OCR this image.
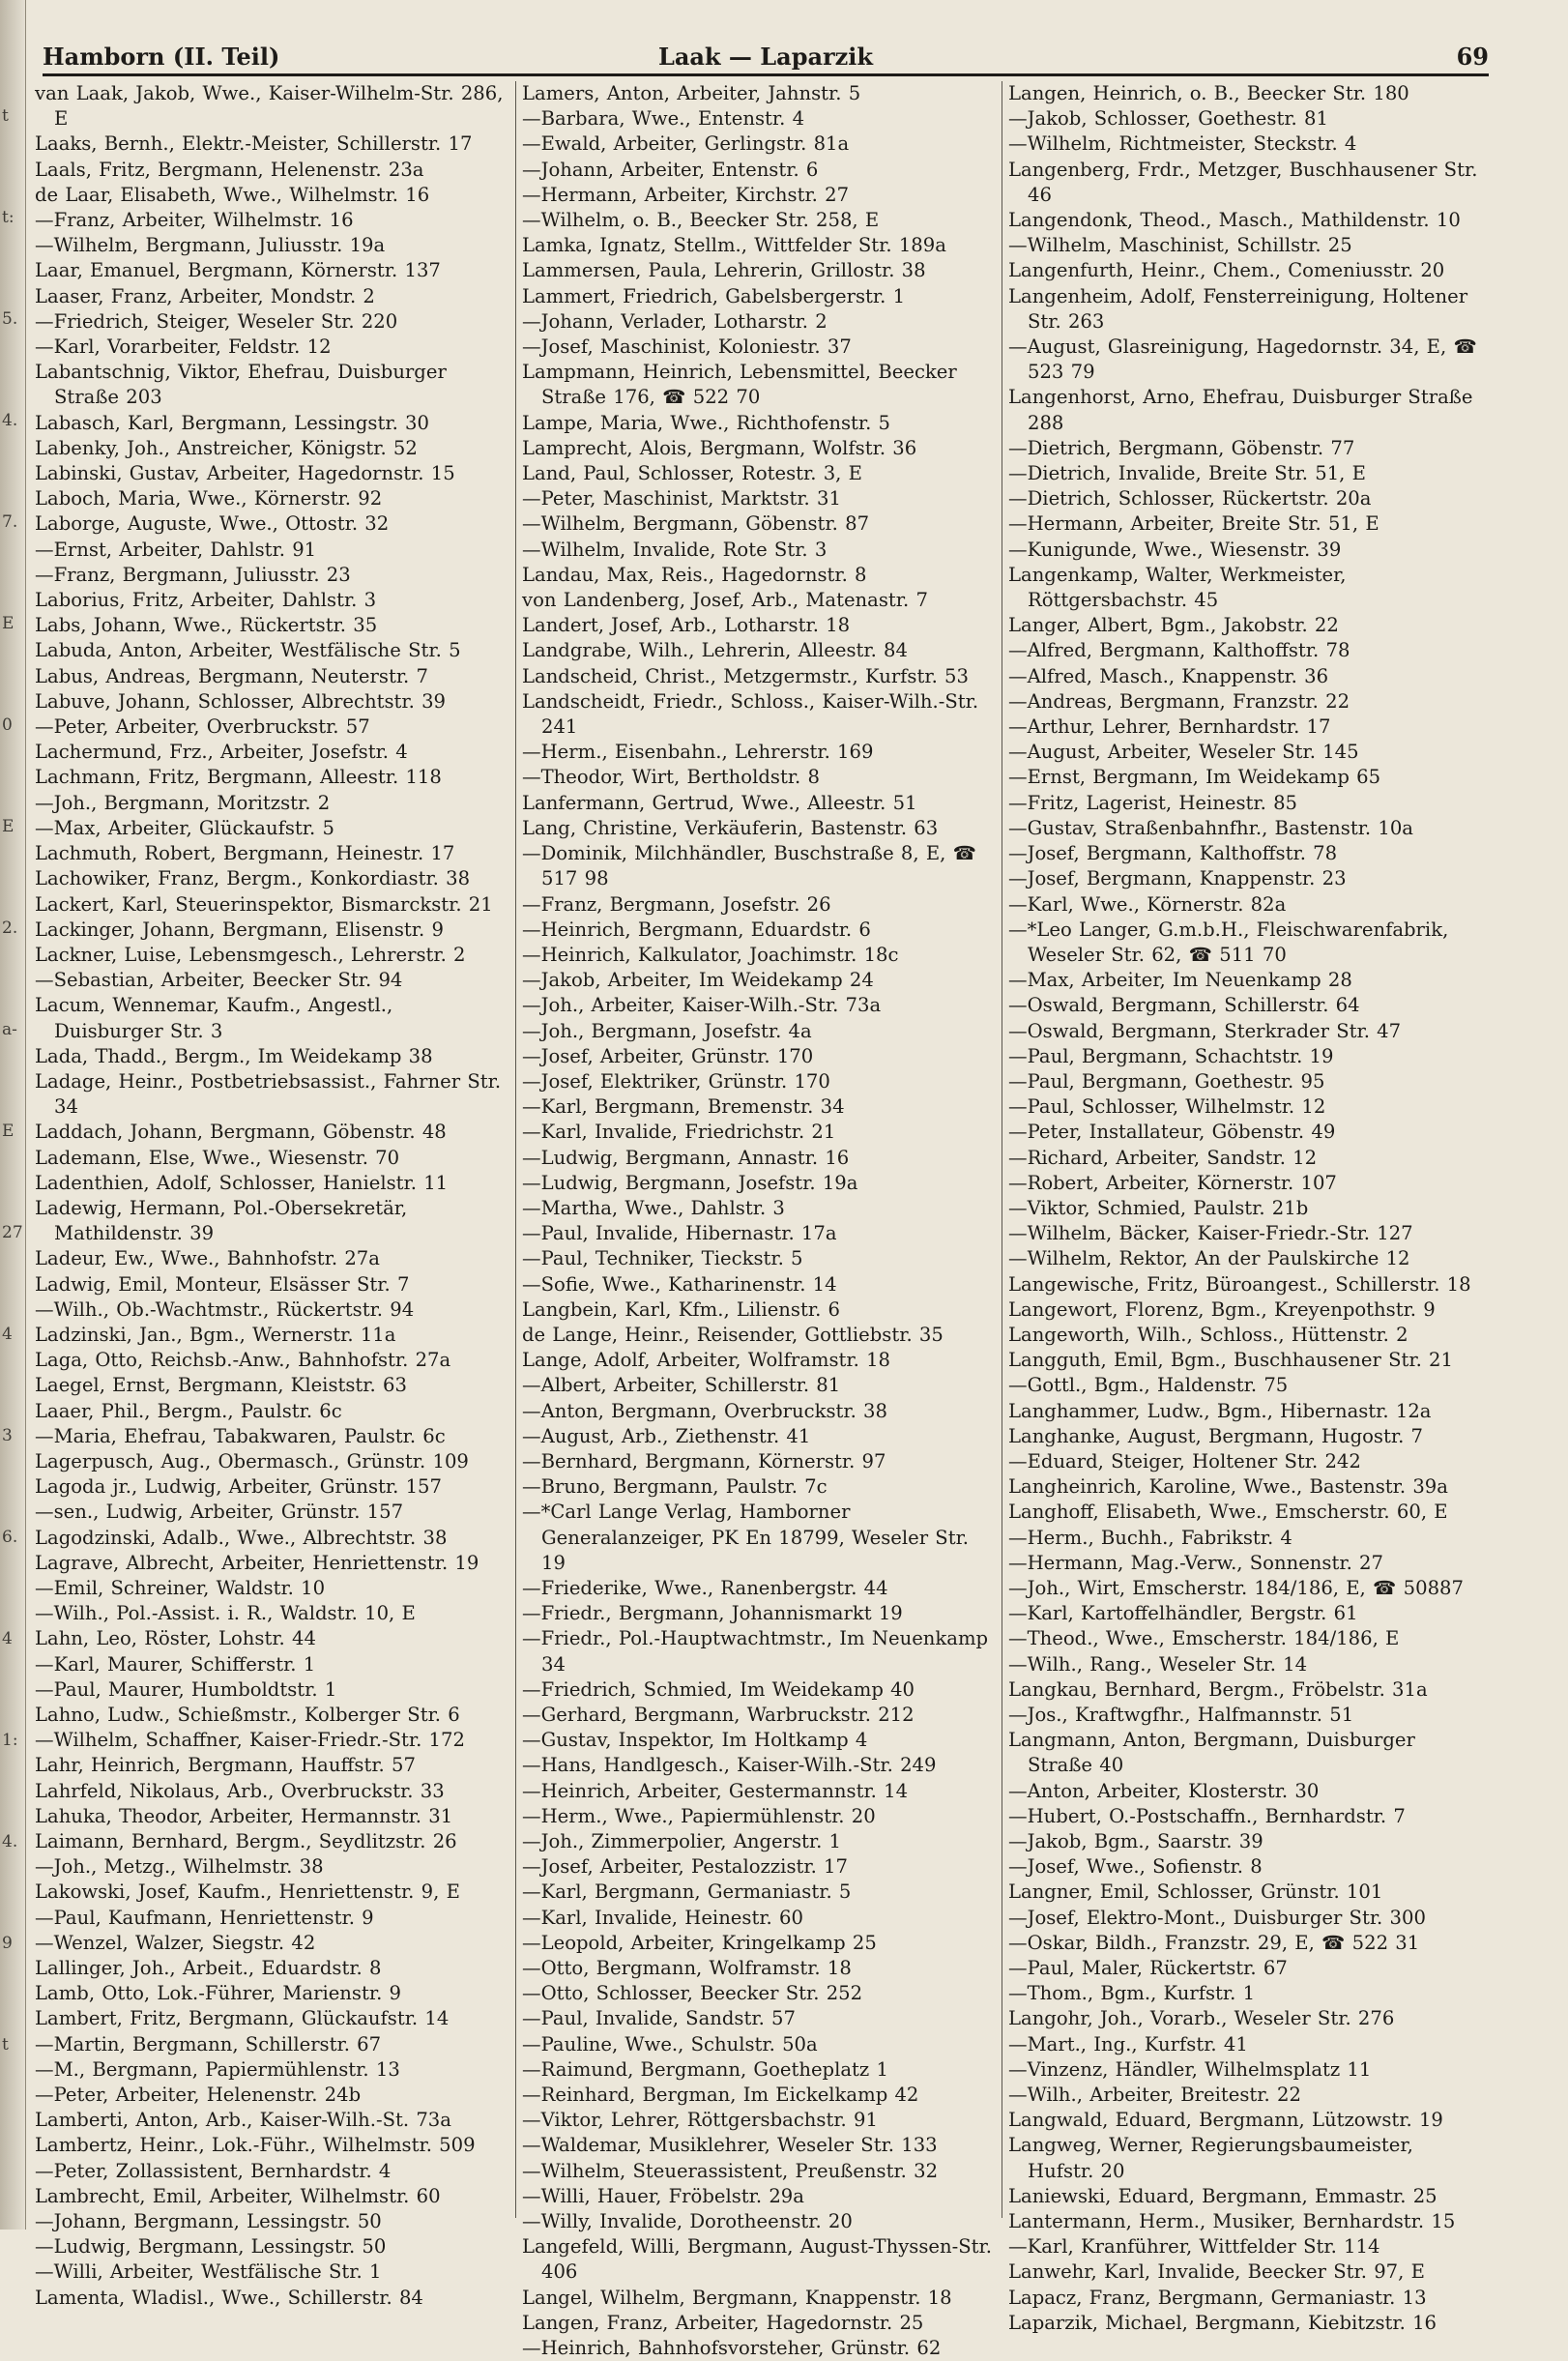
t
t:
5.
4.
7.
E
0
E
2.
a-
E
27
4
3
6.
4
1:
4.
9
t
Hamborn (II. Teil)	Laak — Laparzik	69
van Laak, Jakob, Wwe., Kaiser-Wilhelm-Str. 286, E
Laaks, Bernh., Elektr.-Meister, Schillerstr. 17
Laals, Fritz, Bergmann, Helenenstr. 23a
de Laar, Elisabeth, Wwe., Wilhelmstr. 16
—Franz, Arbeiter, Wilhelmstr. 16
—Wilhelm, Bergmann, Juliusstr. 19a
Laar, Emanuel, Bergmann, Körnerstr. 137
Laaser, Franz, Arbeiter, Mondstr. 2
—Friedrich, Steiger, Weseler Str. 220
—Karl, Vorarbeiter, Feldstr. 12
Labantschnig, Viktor, Ehefrau, Duisburger Straße 203
Labasch, Karl, Bergmann, Lessingstr. 30
Labenky, Joh., Anstreicher, Königstr. 52
Labinski, Gustav, Arbeiter, Hagedornstr. 15
Laboch, Maria, Wwe., Körnerstr. 92
Laborge, Auguste, Wwe., Ottostr. 32
—Ernst, Arbeiter, Dahlstr. 91
—Franz, Bergmann, Juliusstr. 23
Laborius, Fritz, Arbeiter, Dahlstr. 3
Labs, Johann, Wwe., Rückertstr. 35
Labuda, Anton, Arbeiter, Westfälische Str. 5
Labus, Andreas, Bergmann, Neuterstr. 7
Labuve, Johann, Schlosser, Albrechtstr. 39
—Peter, Arbeiter, Overbruckstr. 57
Lachermund, Frz., Arbeiter, Josefstr. 4
Lachmann, Fritz, Bergmann, Alleestr. 118
—Joh., Bergmann, Moritzstr. 2
—Max, Arbeiter, Glückaufstr. 5
Lachmuth, Robert, Bergmann, Heinestr. 17
Lachowiker, Franz, Bergm., Konkordiastr. 38
Lackert, Karl, Steuerinspektor, Bismarckstr. 21
Lackinger, Johann, Bergmann, Elisenstr. 9
Lackner, Luise, Lebensmgesch., Lehrerstr. 2
—Sebastian, Arbeiter, Beecker Str. 94
Lacum, Wennemar, Kaufm., Angestl., Duisburger Str. 3
Lada, Thadd., Bergm., Im Weidekamp 38
Ladage, Heinr., Postbetriebsassist., Fahrner Str. 34
Laddach, Johann, Bergmann, Göbenstr. 48
Lademann, Else, Wwe., Wiesenstr. 70
Ladenthien, Adolf, Schlosser, Hanielstr. 11
Ladewig, Hermann, Pol.-Obersekretär, Mathildenstr. 39
Ladeur, Ew., Wwe., Bahnhofstr. 27a
Ladwig, Emil, Monteur, Elsässer Str. 7
—Wilh., Ob.-Wachtmstr., Rückertstr. 94
Ladzinski, Jan., Bgm., Wernerstr. 11a
Laga, Otto, Reichsb.-Anw., Bahnhofstr. 27a
Laegel, Ernst, Bergmann, Kleiststr. 63
Laaer, Phil., Bergm., Paulstr. 6c
—Maria, Ehefrau, Tabakwaren, Paulstr. 6c
Lagerpusch, Aug., Obermasch., Grünstr. 109
Lagoda jr., Ludwig, Arbeiter, Grünstr. 157
—sen., Ludwig, Arbeiter, Grünstr. 157
Lagodzinski, Adalb., Wwe., Albrechtstr. 38
Lagrave, Albrecht, Arbeiter, Henriettenstr. 19
—Emil, Schreiner, Waldstr. 10
—Wilh., Pol.-Assist. i. R., Waldstr. 10, E
Lahn, Leo, Röster, Lohstr. 44
—Karl, Maurer, Schifferstr. 1
—Paul, Maurer, Humboldtstr. 1
Lahno, Ludw., Schießmstr., Kolberger Str. 6
—Wilhelm, Schaffner, Kaiser-Friedr.-Str. 172
Lahr, Heinrich, Bergmann, Hauffstr. 57
Lahrfeld, Nikolaus, Arb., Overbruckstr. 33
Lahuka, Theodor, Arbeiter, Hermannstr. 31
Laimann, Bernhard, Bergm., Seydlitzstr. 26
—Joh., Metzg., Wilhelmstr. 38
Lakowski, Josef, Kaufm., Henriettenstr. 9, E
—Paul, Kaufmann, Henriettenstr. 9
—Wenzel, Walzer, Siegstr. 42
Lallinger, Joh., Arbeit., Eduardstr. 8
Lamb, Otto, Lok.-Führer, Marienstr. 9
Lambert, Fritz, Bergmann, Glückaufstr. 14
—Martin, Bergmann, Schillerstr. 67
—M., Bergmann, Papiermühlenstr. 13
—Peter, Arbeiter, Helenenstr. 24b
Lamberti, Anton, Arb., Kaiser-Wilh.-St. 73a
Lambertz, Heinr., Lok.-Führ., Wilhelmstr. 509
—Peter, Zollassistent, Bernhardstr. 4
Lambrecht, Emil, Arbeiter, Wilhelmstr. 60
—Johann, Bergmann, Lessingstr. 50
—Ludwig, Bergmann, Lessingstr. 50
—Willi, Arbeiter, Westfälische Str. 1
Lamenta, Wladisl., Wwe., Schillerstr. 84
Lamers, Anton, Arbeiter, Jahnstr. 5
—Barbara, Wwe., Entenstr. 4
—Ewald, Arbeiter, Gerlingstr. 81a
—Johann, Arbeiter, Entenstr. 6
—Hermann, Arbeiter, Kirchstr. 27
—Wilhelm, o. B., Beecker Str. 258, E
Lamka, Ignatz, Stellm., Wittfelder Str. 189a
Lammersen, Paula, Lehrerin, Grillostr. 38
Lammert, Friedrich, Gabelsbergerstr. 1
—Johann, Verlader, Lotharstr. 2
—Josef, Maschinist, Koloniestr. 37
Lampmann, Heinrich, Lebensmittel, Beecker Straße 176, ☎ 522 70
Lampe, Maria, Wwe., Richthofenstr. 5
Lamprecht, Alois, Bergmann, Wolfstr. 36
Land, Paul, Schlosser, Rotestr. 3, E
—Peter, Maschinist, Marktstr. 31
—Wilhelm, Bergmann, Göbenstr. 87
—Wilhelm, Invalide, Rote Str. 3
Landau, Max, Reis., Hagedornstr. 8
von Landenberg, Josef, Arb., Matenastr. 7
Landert, Josef, Arb., Lotharstr. 18
Landgrabe, Wilh., Lehrerin, Alleestr. 84
Landscheid, Christ., Metzgermstr., Kurfstr. 53
Landscheidt, Friedr., Schloss., Kaiser-Wilh.-Str. 241
—Herm., Eisenbahn., Lehrerstr. 169
—Theodor, Wirt, Bertholdstr. 8
Lanfermann, Gertrud, Wwe., Alleestr. 51
Lang, Christine, Verkäuferin, Bastenstr. 63
—Dominik, Milchhändler, Buschstraße 8, E, ☎ 517 98
—Franz, Bergmann, Josefstr. 26
—Heinrich, Bergmann, Eduardstr. 6
—Heinrich, Kalkulator, Joachimstr. 18c
—Jakob, Arbeiter, Im Weidekamp 24
—Joh., Arbeiter, Kaiser-Wilh.-Str. 73a
—Joh., Bergmann, Josefstr. 4a
—Josef, Arbeiter, Grünstr. 170
—Josef, Elektriker, Grünstr. 170
—Karl, Bergmann, Bremenstr. 34
—Karl, Invalide, Friedrichstr. 21
—Ludwig, Bergmann, Annastr. 16
—Ludwig, Bergmann, Josefstr. 19a
—Martha, Wwe., Dahlstr. 3
—Paul, Invalide, Hibernastr. 17a
—Paul, Techniker, Tieckstr. 5
—Sofie, Wwe., Katharinenstr. 14
Langbein, Karl, Kfm., Lilienstr. 6
de Lange, Heinr., Reisender, Gottliebstr. 35
Lange, Adolf, Arbeiter, Wolframstr. 18
—Albert, Arbeiter, Schillerstr. 81
—Anton, Bergmann, Overbruckstr. 38
—August, Arb., Ziethenstr. 41
—Bernhard, Bergmann, Körnerstr. 97
—Bruno, Bergmann, Paulstr. 7c
—*Carl Lange Verlag, Hamborner Generalanzeiger, PK En 18799, Weseler Str. 19
—Friederike, Wwe., Ranenbergstr. 44
—Friedr., Bergmann, Johannismarkt 19
—Friedr., Pol.-Hauptwachtmstr., Im Neuenkamp 34
—Friedrich, Schmied, Im Weidekamp 40
—Gerhard, Bergmann, Warbruckstr. 212
—Gustav, Inspektor, Im Holtkamp 4
—Hans, Handlgesch., Kaiser-Wilh.-Str. 249
—Heinrich, Arbeiter, Gestermannstr. 14
—Herm., Wwe., Papiermühlenstr. 20
—Joh., Zimmerpolier, Angerstr. 1
—Josef, Arbeiter, Pestalozzistr. 17
—Karl, Bergmann, Germaniastr. 5
—Karl, Invalide, Heinestr. 60
—Leopold, Arbeiter, Kringelkamp 25
—Otto, Bergmann, Wolframstr. 18
—Otto, Schlosser, Beecker Str. 252
—Paul, Invalide, Sandstr. 57
—Pauline, Wwe., Schulstr. 50a
—Raimund, Bergmann, Goetheplatz 1
—Reinhard, Bergman, Im Eickelkamp 42
—Viktor, Lehrer, Röttgersbachstr. 91
—Waldemar, Musiklehrer, Weseler Str. 133
—Wilhelm, Steuerassistent, Preußenstr. 32
—Willi, Hauer, Fröbelstr. 29a
—Willy, Invalide, Dorotheenstr. 20
Langefeld, Willi, Bergmann, August-Thyssen-Str. 406
Langel, Wilhelm, Bergmann, Knappenstr. 18
Langen, Franz, Arbeiter, Hagedornstr. 25
—Heinrich, Bahnhofsvorsteher, Grünstr. 62
Langen, Heinrich, o. B., Beecker Str. 180
—Jakob, Schlosser, Goethestr. 81
—Wilhelm, Richtmeister, Steckstr. 4
Langenberg, Frdr., Metzger, Buschhausener Str. 46
Langendonk, Theod., Masch., Mathildenstr. 10
—Wilhelm, Maschinist, Schillstr. 25
Langenfurth, Heinr., Chem., Comeniusstr. 20
Langenheim, Adolf, Fensterreinigung, Holtener Str. 263
—August, Glasreinigung, Hagedornstr. 34, E, ☎ 523 79
Langenhorst, Arno, Ehefrau, Duisburger Straße 288
—Dietrich, Bergmann, Göbenstr. 77
—Dietrich, Invalide, Breite Str. 51, E
—Dietrich, Schlosser, Rückertstr. 20a
—Hermann, Arbeiter, Breite Str. 51, E
—Kunigunde, Wwe., Wiesenstr. 39
Langenkamp, Walter, Werkmeister, Röttgersbachstr. 45
Langer, Albert, Bgm., Jakobstr. 22
—Alfred, Bergmann, Kalthoffstr. 78
—Alfred, Masch., Knappenstr. 36
—Andreas, Bergmann, Franzstr. 22
—Arthur, Lehrer, Bernhardstr. 17
—August, Arbeiter, Weseler Str. 145
—Ernst, Bergmann, Im Weidekamp 65
—Fritz, Lagerist, Heinestr. 85
—Gustav, Straßenbahnfhr., Bastenstr. 10a
—Josef, Bergmann, Kalthoffstr. 78
—Josef, Bergmann, Knappenstr. 23
—Karl, Wwe., Körnerstr. 82a
—*Leo Langer, G.m.b.H., Fleischwarenfabrik, Weseler Str. 62, ☎ 511 70
—Max, Arbeiter, Im Neuenkamp 28
—Oswald, Bergmann, Schillerstr. 64
—Oswald, Bergmann, Sterkrader Str. 47
—Paul, Bergmann, Schachtstr. 19
—Paul, Bergmann, Goethestr. 95
—Paul, Schlosser, Wilhelmstr. 12
—Peter, Installateur, Göbenstr. 49
—Richard, Arbeiter, Sandstr. 12
—Robert, Arbeiter, Körnerstr. 107
—Viktor, Schmied, Paulstr. 21b
—Wilhelm, Bäcker, Kaiser-Friedr.-Str. 127
—Wilhelm, Rektor, An der Paulskirche 12
Langewische, Fritz, Büroangest., Schillerstr. 18
Langewort, Florenz, Bgm., Kreyenpothstr. 9
Langeworth, Wilh., Schloss., Hüttenstr. 2
Langguth, Emil, Bgm., Buschhausener Str. 21
—Gottl., Bgm., Haldenstr. 75
Langhammer, Ludw., Bgm., Hibernastr. 12a
Langhanke, August, Bergmann, Hugostr. 7
—Eduard, Steiger, Holtener Str. 242
Langheinrich, Karoline, Wwe., Bastenstr. 39a
Langhoff, Elisabeth, Wwe., Emscherstr. 60, E
—Herm., Buchh., Fabrikstr. 4
—Hermann, Mag.-Verw., Sonnenstr. 27
—Joh., Wirt, Emscherstr. 184/186, E, ☎ 50887
—Karl, Kartoffelhändler, Bergstr. 61
—Theod., Wwe., Emscherstr. 184/186, E
—Wilh., Rang., Weseler Str. 14
Langkau, Bernhard, Bergm., Fröbelstr. 31a
—Jos., Kraftwgfhr., Halfmannstr. 51
Langmann, Anton, Bergmann, Duisburger Straße 40
—Anton, Arbeiter, Klosterstr. 30
—Hubert, O.-Postschaffn., Bernhardstr. 7
—Jakob, Bgm., Saarstr. 39
—Josef, Wwe., Sofienstr. 8
Langner, Emil, Schlosser, Grünstr. 101
—Josef, Elektro-Mont., Duisburger Str. 300
—Oskar, Bildh., Franzstr. 29, E, ☎ 522 31
—Paul, Maler, Rückertstr. 67
—Thom., Bgm., Kurfstr. 1
Langohr, Joh., Vorarb., Weseler Str. 276
—Mart., Ing., Kurfstr. 41
—Vinzenz, Händler, Wilhelmsplatz 11
—Wilh., Arbeiter, Breitestr. 22
Langwald, Eduard, Bergmann, Lützowstr. 19
Langweg, Werner, Regierungsbaumeister, Hufstr. 20
Laniewski, Eduard, Bergmann, Emmastr. 25
Lantermann, Herm., Musiker, Bernhardstr. 15
—Karl, Kranführer, Wittfelder Str. 114
Lanwehr, Karl, Invalide, Beecker Str. 97, E
Lapacz, Franz, Bergmann, Germaniastr. 13
Laparzik, Michael, Bergmann, Kiebitzstr. 16
